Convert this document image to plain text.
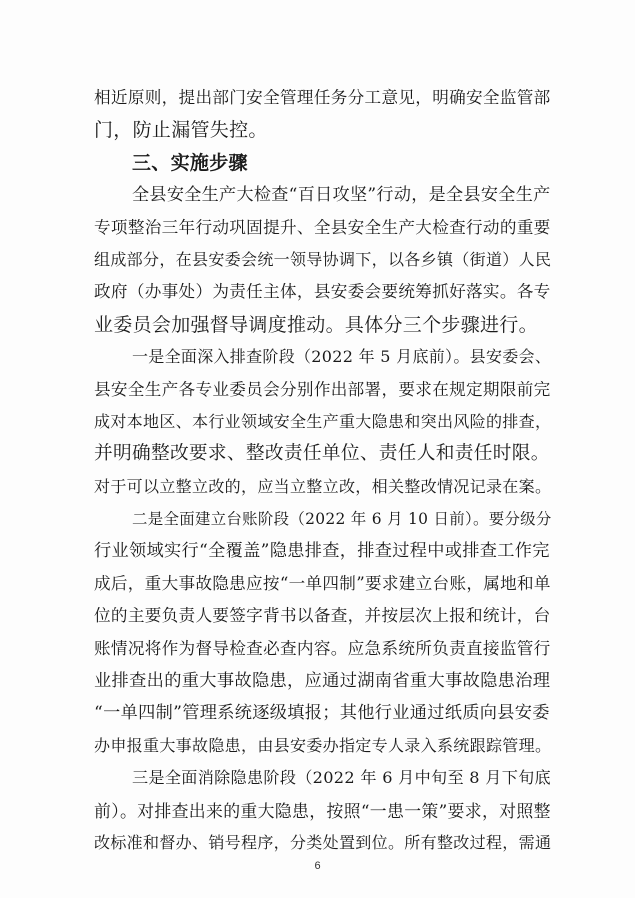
相近原则，提出部门安全管理任务分工意见，明确安全监管部
门，防止漏管失控。
三、实施步骤
全县安全生产大检查“百日攻坚”行动，是全县安全生产
专项整治三年行动巩固提升、全县安全生产大检查行动的重要
组成部分，在县安委会统一领导协调下，以各乡镇（街道）人民
政府（办事处）为责任主体，县安委会要统筹抓好落实。各专
业委员会加强督导调度推动。具体分三个步骤进行。
一是全面深入排查阶段（2022 年 5 月底前）。县安委会、
县安全生产各专业委员会分别作出部署，要求在规定期限前完
成对本地区、本行业领域安全生产重大隐患和突出风险的排查，
并明确整改要求、整改责任单位、责任人和责任时限。
对于可以立整立改的，应当立整立改，相关整改情况记录在案。
二是全面建立台账阶段（2022 年 6 月 10 日前）。要分级分
行业领域实行“全覆盖”隐患排查，排查过程中或排查工作完
成后，重大事故隐患应按“一单四制”要求建立台账，属地和单
位的主要负责人要签字背书以备查，并按层次上报和统计，台
账情况将作为督导检查必查内容。应急系统所负责直接监管行
业排查出的重大事故隐患，应通过湖南省重大事故隐患治理
“一单四制”管理系统逐级填报；其他行业通过纸质向县安委
办申报重大事故隐患，由县安委办指定专人录入系统跟踪管理。
三是全面消除隐患阶段（2022 年 6 月中旬至 8 月下旬底
前）。对排查出来的重大隐患，按照“一患一策”要求，对照整
改标准和督办、销号程序，分类处置到位。所有整改过程，需通
6
